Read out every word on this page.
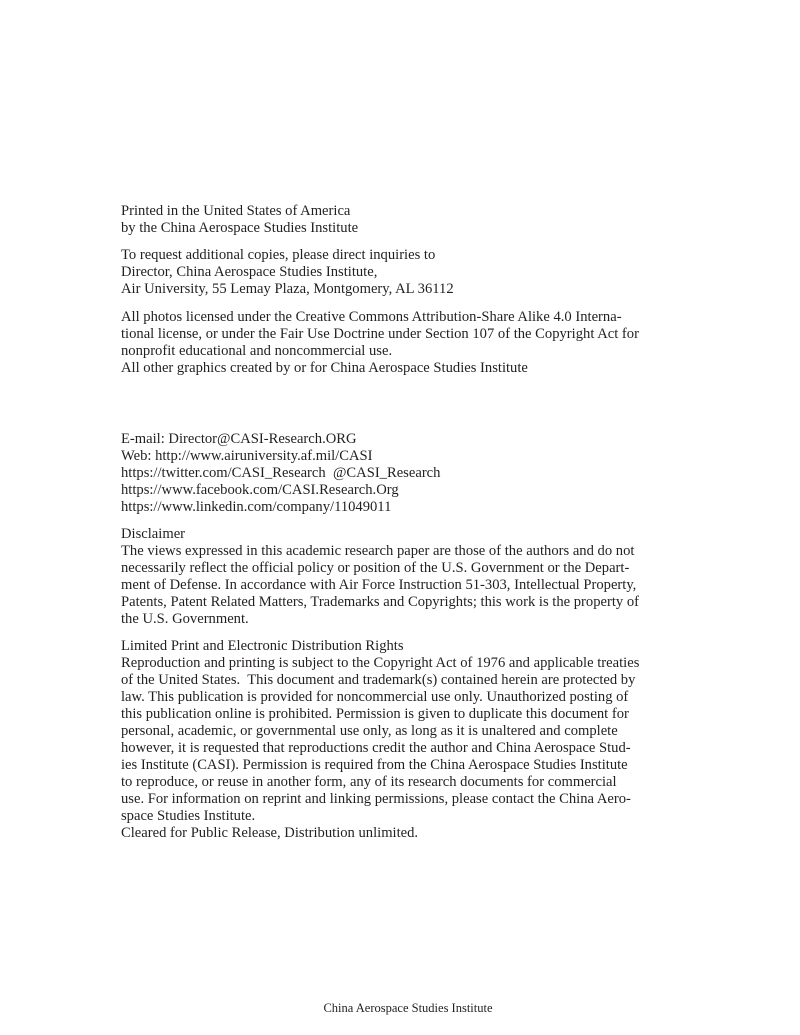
Printed in the United States of America
by the China Aerospace Studies Institute
To request additional copies, please direct inquiries to
Director, China Aerospace Studies Institute,
Air University, 55 Lemay Plaza, Montgomery, AL 36112
All photos licensed under the Creative Commons Attribution-Share Alike 4.0 Interna-
tional license, or under the Fair Use Doctrine under Section 107 of the Copyright Act for
nonprofit educational and noncommercial use.
All other graphics created by or for China Aerospace Studies Institute
E-mail: Director@CASI-Research.ORG
Web: http://www.airuniversity.af.mil/CASI
https://twitter.com/CASI_Research  @CASI_Research
https://www.facebook.com/CASI.Research.Org
https://www.linkedin.com/company/11049011
Disclaimer
The views expressed in this academic research paper are those of the authors and do not
necessarily reflect the official policy or position of the U.S. Government or the Depart-
ment of Defense. In accordance with Air Force Instruction 51-303, Intellectual Property,
Patents, Patent Related Matters, Trademarks and Copyrights; this work is the property of
the U.S. Government.
Limited Print and Electronic Distribution Rights
Reproduction and printing is subject to the Copyright Act of 1976 and applicable treaties
of the United States.  This document and trademark(s) contained herein are protected by
law. This publication is provided for noncommercial use only. Unauthorized posting of
this publication online is prohibited. Permission is given to duplicate this document for
personal, academic, or governmental use only, as long as it is unaltered and complete
however, it is requested that reproductions credit the author and China Aerospace Stud-
ies Institute (CASI). Permission is required from the China Aerospace Studies Institute
to reproduce, or reuse in another form, any of its research documents for commercial
use. For information on reprint and linking permissions, please contact the China Aero-
space Studies Institute.
Cleared for Public Release, Distribution unlimited.
China Aerospace Studies Institute
